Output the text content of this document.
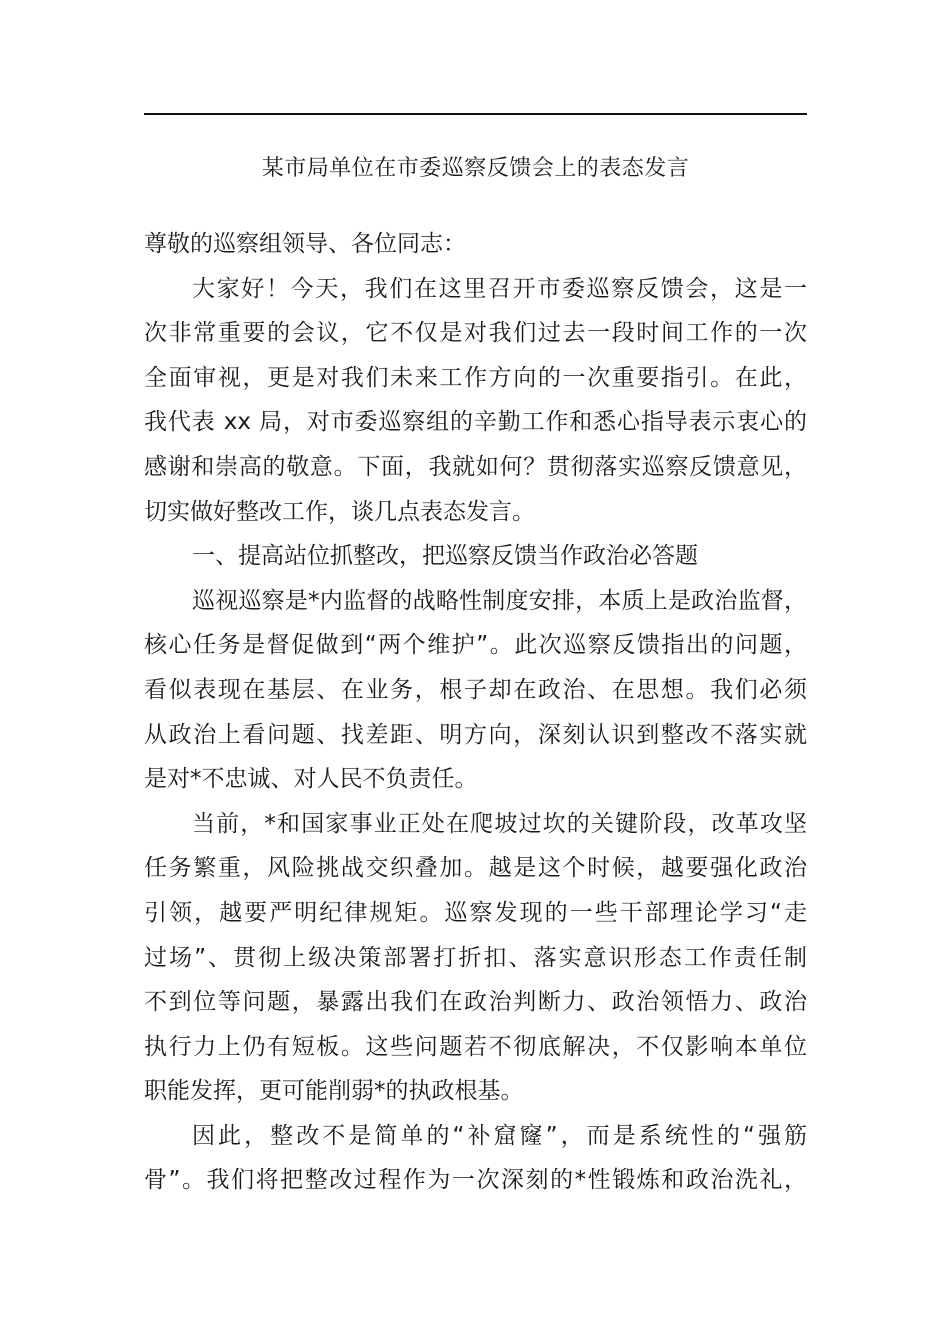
某市局单位在市委巡察反馈会上的表态发言
尊敬的巡察组领导、各位同志：
大家好！今天，我们在这里召开市委巡察反馈会，这是一
次非常重要的会议，它不仅是对我们过去一段时间工作的一次
全面审视，更是对我们未来工作方向的一次重要指引。在此，
我代表 xx 局，对市委巡察组的辛勤工作和悉心指导表示衷心的
感谢和崇高的敬意。下面，我就如何？贯彻落实巡察反馈意见，
切实做好整改工作，谈几点表态发言。
一、提高站位抓整改，把巡察反馈当作政治必答题
巡视巡察是*内监督的战略性制度安排，本质上是政治监督，
核心任务是督促做到“两个维护”。此次巡察反馈指出的问题，
看似表现在基层、在业务，根子却在政治、在思想。我们必须
从政治上看问题、找差距、明方向，深刻认识到整改不落实就
是对*不忠诚、对人民不负责任。
当前，*和国家事业正处在爬坡过坎的关键阶段，改革攻坚
任务繁重，风险挑战交织叠加。越是这个时候，越要强化政治
引领，越要严明纪律规矩。巡察发现的一些干部理论学习“走
过场”、贯彻上级决策部署打折扣、落实意识形态工作责任制
不到位等问题，暴露出我们在政治判断力、政治领悟力、政治
执行力上仍有短板。这些问题若不彻底解决，不仅影响本单位
职能发挥，更可能削弱*的执政根基。
因此，整改不是简单的“补窟窿”，而是系统性的“强筋
骨”。我们将把整改过程作为一次深刻的*性锻炼和政治洗礼，
